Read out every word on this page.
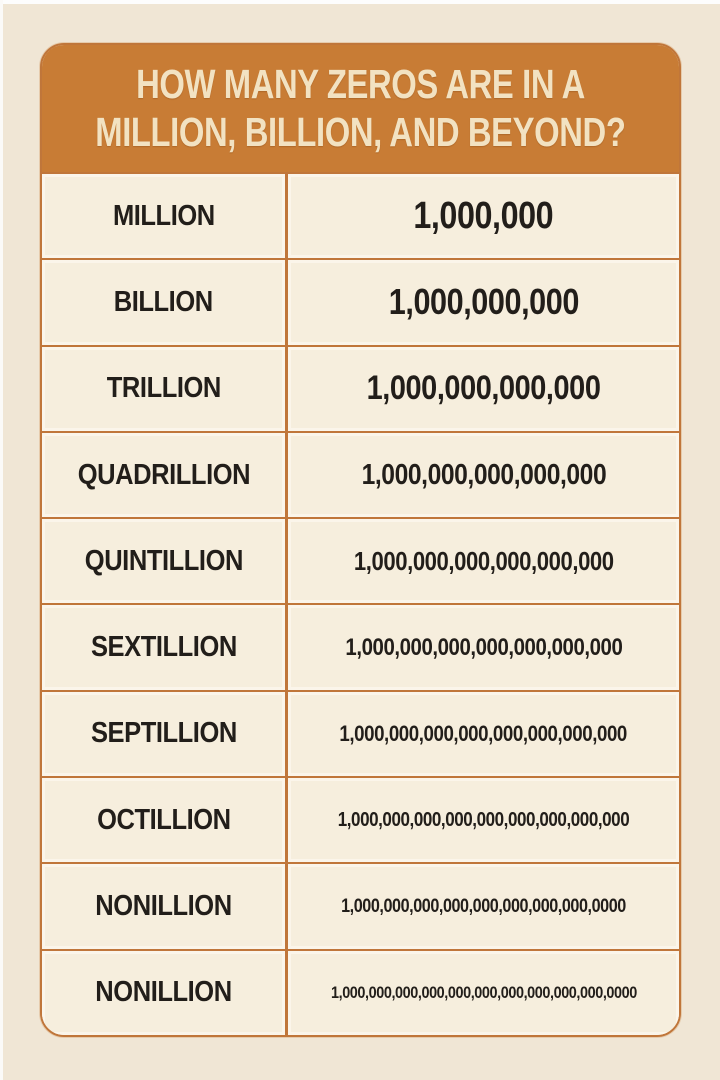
HOW MANY ZEROS ARE IN A
MILLION, BILLION, AND BEYOND?
MILLION	1,000,000
BILLION	1,000,000,000
TRILLION	1,000,000,000,000
QUADRILLION	1,000,000,000,000,000
QUINTILLION	1,000,000,000,000,000,000
SEXTILLION	1,000,000,000,000,000,000,000
SEPTILLION	1,000,000,000,000,000,000,000,000
OCTILLION	1,000,000,000,000,000,000,000,000,000
NONILLION	1,000,000,000,000,000,000,000,000,0000
NONILLION	1,000,000,000,000,000,000,000,000,000,000,0000
